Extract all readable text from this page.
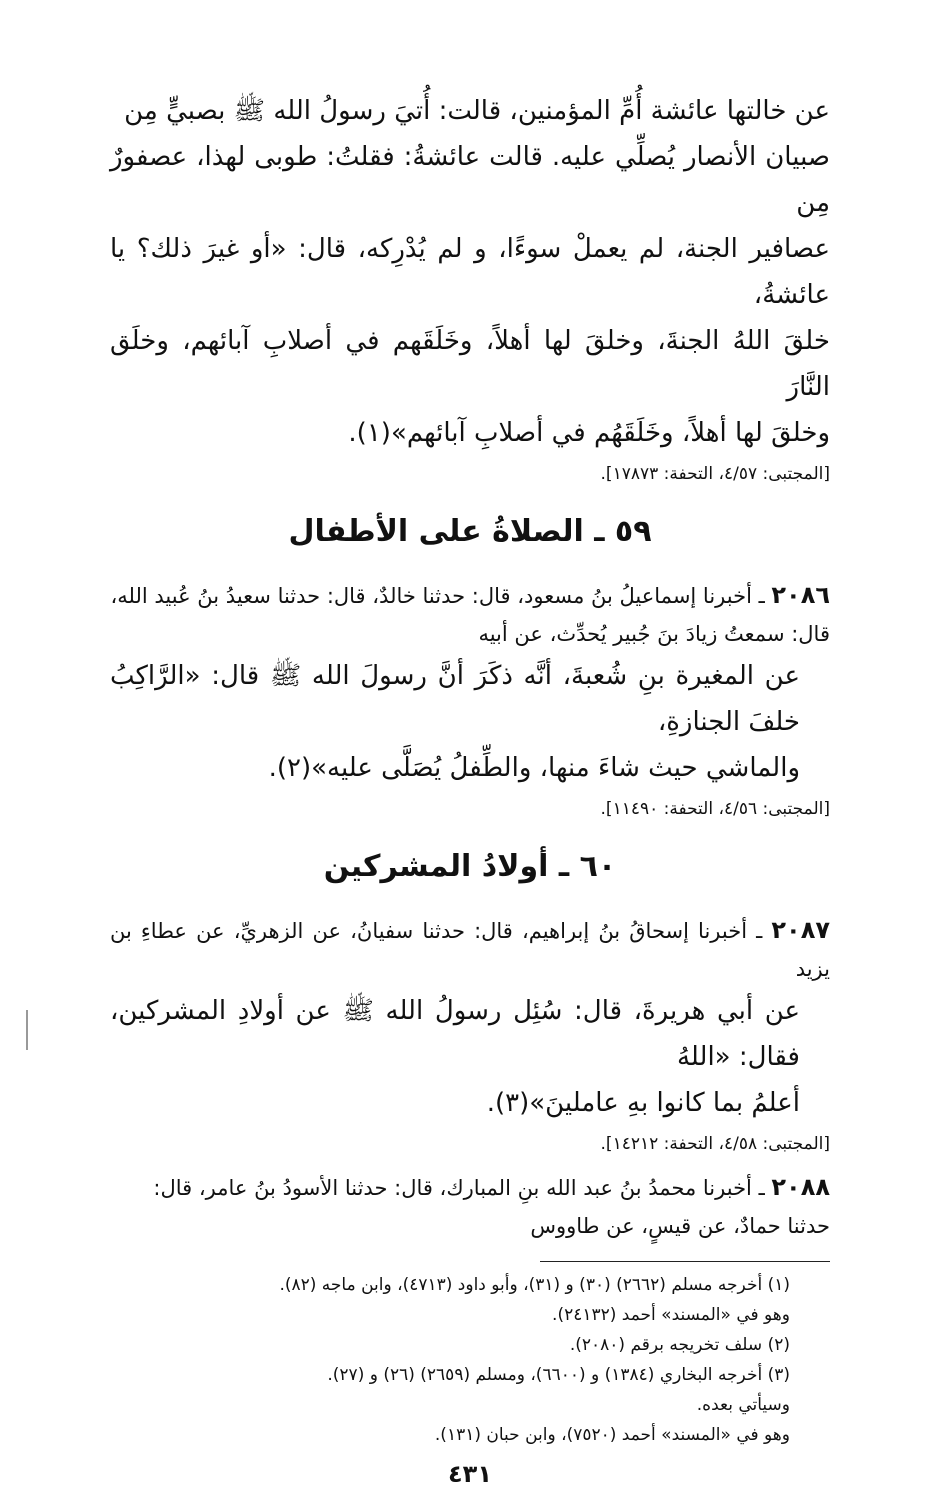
عن خالتها عائشة أُمِّ المؤمنين، قالت: أُتيَ رسولُ الله ﷺ بصبيٍّ مِن
صبيان الأنصار يُصلِّي عليه. قالت عائشةُ: فقلتُ: طوبى لهذا، عصفورٌ مِن
عصافير الجنة، لم يعملْ سوءًا، و لم يُدْرِكه، قال: «أو غيرَ ذلك؟ يا عائشةُ،
خلقَ اللهُ الجنةَ، وخلقَ لها أهلاً، وخَلَقَهم في أصلابِ آبائهم، وخلَق النَّارَ
وخلقَ لها أهلاً، وخَلَقَهُم في أصلابِ آبائهم»(١).

[المجتبى: ٤/٥٧، التحفة: ١٧٨٧٣].

٥٩ ـ الصلاةُ على الأطفال

٢٠٨٦ ـ أخبرنا إسماعيلُ بنُ مسعود، قال: حدثنا خالدٌ، قال: حدثنا سعيدُ بنُ عُبيد الله،
قال: سمعتُ زيادَ بنَ جُبير يُحدِّث، عن أبيه

عن المغيرة بنِ شُعبةَ، أنَّه ذكَرَ أنَّ رسولَ الله ﷺ قال: «الرَّاكِبُ خلفَ الجنازةِ،
والماشي حيث شاءَ منها، والطِّفلُ يُصَلَّى عليه»(٢).

[المجتبى: ٤/٥٦، التحفة: ١١٤٩٠].

٦٠ ـ أولادُ المشركين

٢٠٨٧ ـ أخبرنا إسحاقُ بنُ إبراهيم، قال: حدثنا سفيانُ، عن الزهريِّ، عن عطاءِ بن يزيد

عن أبي هريرةَ، قال: سُئِل رسولُ الله ﷺ عن أولادِ المشركين، فقال: «اللهُ
أعلمُ بما كانوا بهِ عاملينَ»(٣).

[المجتبى: ٤/٥٨، التحفة: ١٤٢١٢].

٢٠٨٨ ـ أخبرنا محمدُ بنُ عبد الله بنِ المبارك، قال: حدثنا الأسودُ بنُ عامر، قال:
حدثنا حمادٌ، عن قيسٍ، عن طاووس

(١) أخرجه مسلم (٢٦٦٢) (٣٠) و (٣١)، وأبو داود (٤٧١٣)، وابن ماجه (٨٢).

وهو في «المسند» أحمد (٢٤١٣٢).

(٢) سلف تخريجه برقم (٢٠٨٠).

(٣) أخرجه البخاري (١٣٨٤) و (٦٦٠٠)، ومسلم (٢٦٥٩) (٢٦) و (٢٧).

وسيأتي بعده.

وهو في «المسند» أحمد (٧٥٢٠)، وابن حبان (١٣١).

٤٣١
